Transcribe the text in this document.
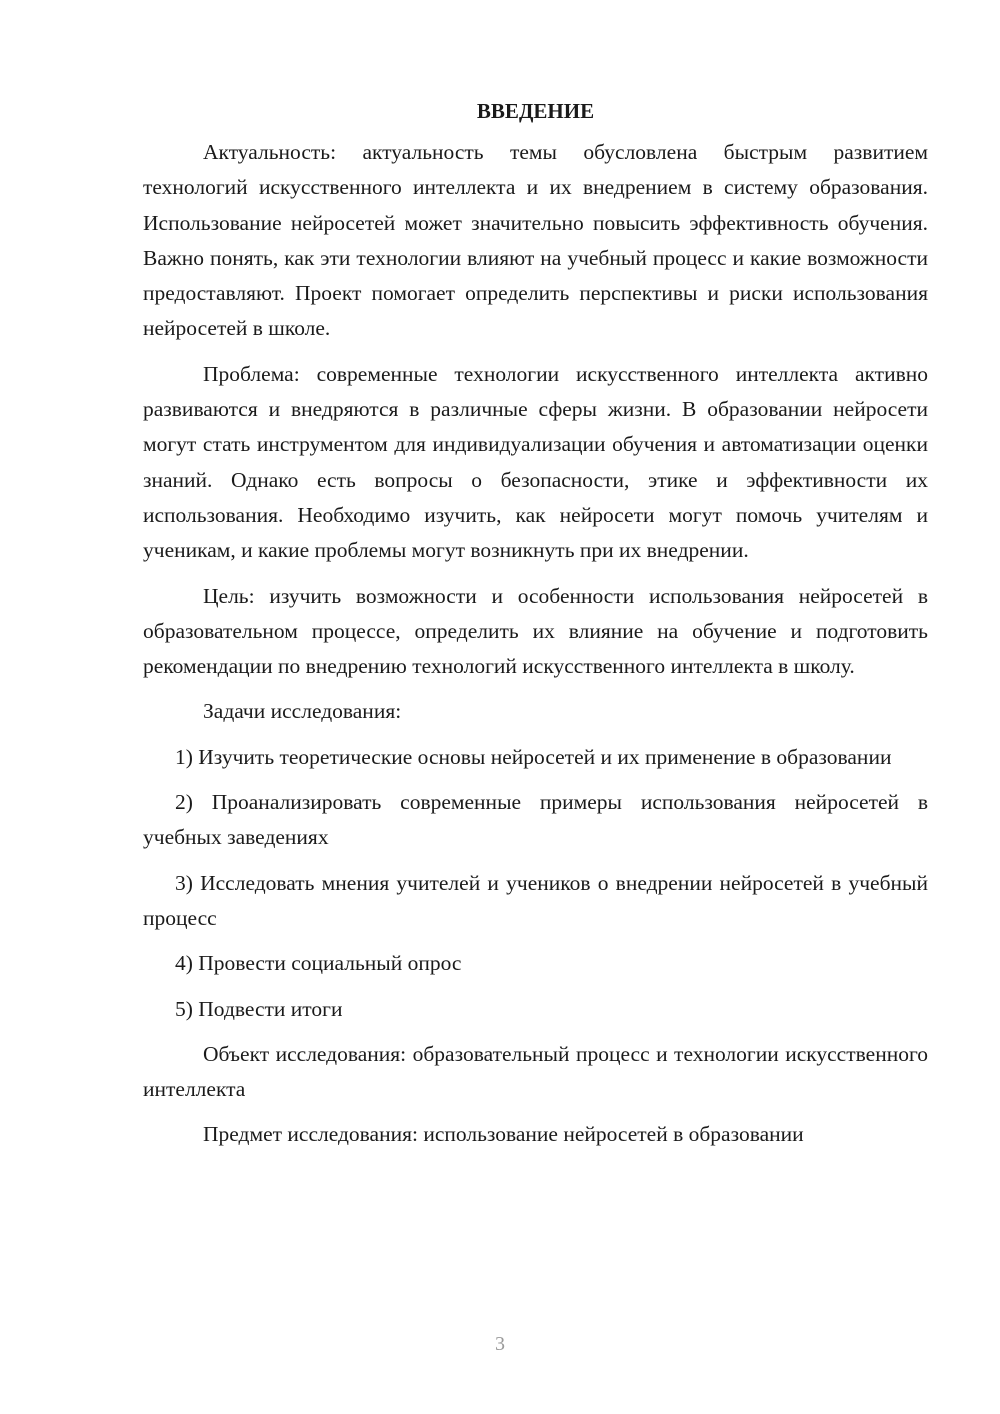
ВВЕДЕНИЕ

Актуальность: актуальность темы обусловлена быстрым развитием технологий искусственного интеллекта и их внедрением в систему образования. Использование нейросетей может значительно повысить эффективность обучения. Важно понять, как эти технологии влияют на учебный процесс и какие возможности предоставляют. Проект помогает определить перспективы и риски использования нейросетей в школе.

Проблема: современные технологии искусственного интеллекта активно развиваются и внедряются в различные сферы жизни. В образовании нейросети могут стать инструментом для индивидуализации обучения и автоматизации оценки знаний. Однако есть вопросы о безопасности, этике и эффективности их использования. Необходимо изучить, как нейросети могут помочь учителям и ученикам, и какие проблемы могут возникнуть при их внедрении.

Цель: изучить возможности и особенности использования нейросетей в образовательном процессе, определить их влияние на обучение и подготовить рекомендации по внедрению технологий искусственного интеллекта в школу.

Задачи исследования:

1) Изучить теоретические основы нейросетей и их применение в образовании

2) Проанализировать современные примеры использования нейросетей в учебных заведениях

3) Исследовать мнения учителей и учеников о внедрении нейросетей в учебный процесс

4) Провести социальный опрос

5) Подвести итоги

Объект исследования: образовательный процесс и технологии искусственного интеллекта

Предмет исследования: использование нейросетей в образовании

3
